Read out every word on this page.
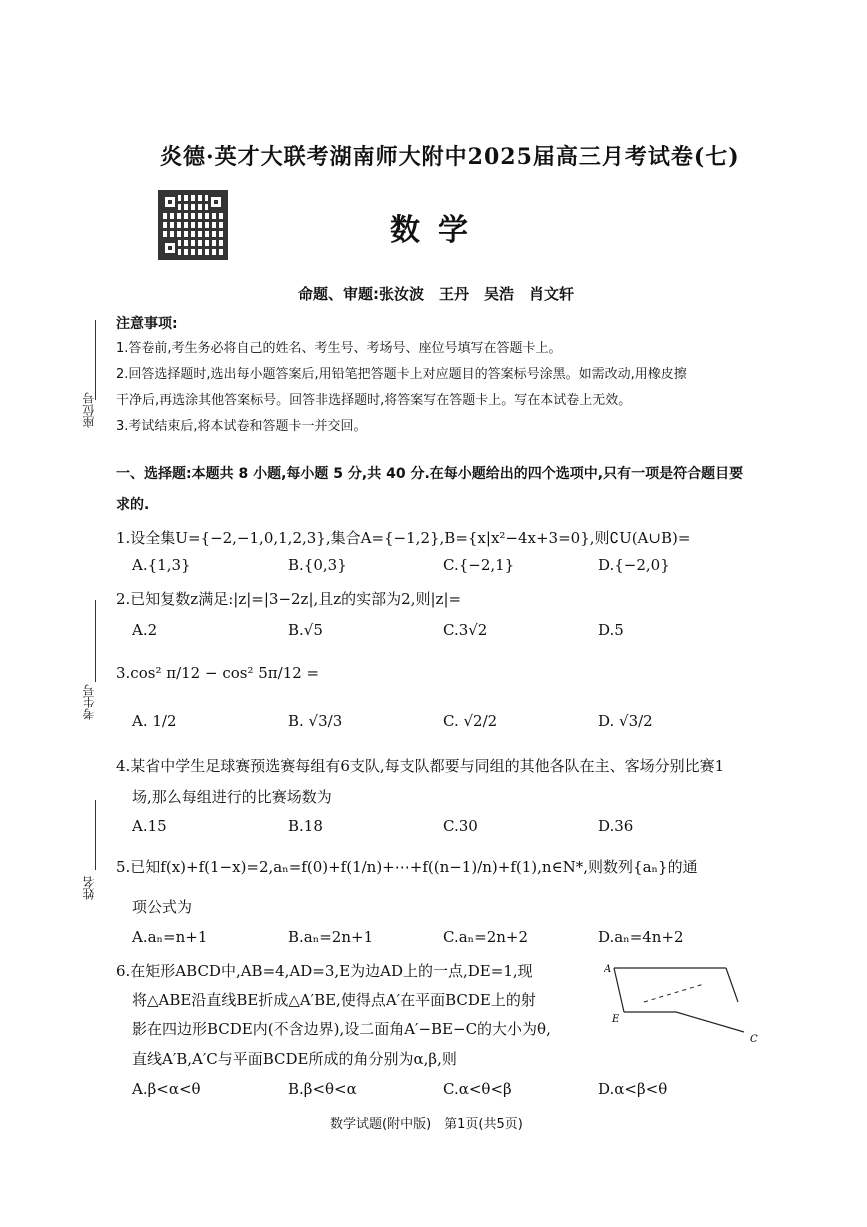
炎德·英才大联考湖南师大附中2025届高三月考试卷(七)
数学
命题、审题:张汝波　王丹　吴浩　肖文轩
座位号
考生号
姓名
注意事项:
1.答卷前,考生务必将自己的姓名、考生号、考场号、座位号填写在答题卡上。
2.回答选择题时,选出每小题答案后,用铅笔把答题卡上对应题目的答案标号涂黑。如需改动,用橡皮擦
干净后,再选涂其他答案标号。回答非选择题时,将答案写在答题卡上。写在本试卷上无效。
3.考试结束后,将本试卷和答题卡一并交回。
一、选择题:本题共 8 小题,每小题 5 分,共 40 分.在每小题给出的四个选项中,只有一项是符合题目要
求的.
1.设全集U={−2,−1,0,1,2,3},集合A={−1,2},B={x|x²−4x+3=0},则∁U(A∪B)=
A.{1,3}	B.{0,3}	C.{−2,1}	D.{−2,0}
2.已知复数z满足:|z|=|3−2z|,且z的实部为2,则|z|=
A.2	B.√5	C.3√2	D.5
3.cos² π/12 − cos² 5π/12 =
A. 1/2	B. √3/3	C. √2/2	D. √3/2
4.某省中学生足球赛预选赛每组有6支队,每支队都要与同组的其他各队在主、客场分别比赛1
场,那么每组进行的比赛场数为
A.15	B.18	C.30	D.36
5.已知f(x)+f(1−x)=2,aₙ=f(0)+f(1/n)+⋯+f((n−1)/n)+f(1),n∈N*,则数列{aₙ}的通
项公式为
A.aₙ=n+1	B.aₙ=2n+1	C.aₙ=2n+2	D.aₙ=4n+2
6.在矩形ABCD中,AB=4,AD=3,E为边AD上的一点,DE=1,现
将△ABE沿直线BE折成△A′BE,使得点A′在平面BCDE上的射
影在四边形BCDE内(不含边界),设二面角A′−BE−C的大小为θ,
直线A′B,A′C与平面BCDE所成的角分别为α,β,则
A.β<α<θ	B.β<θ<α	C.α<θ<β	D.α<β<θ
A
E
C
数学试题(附中版)　第1页(共5页)
